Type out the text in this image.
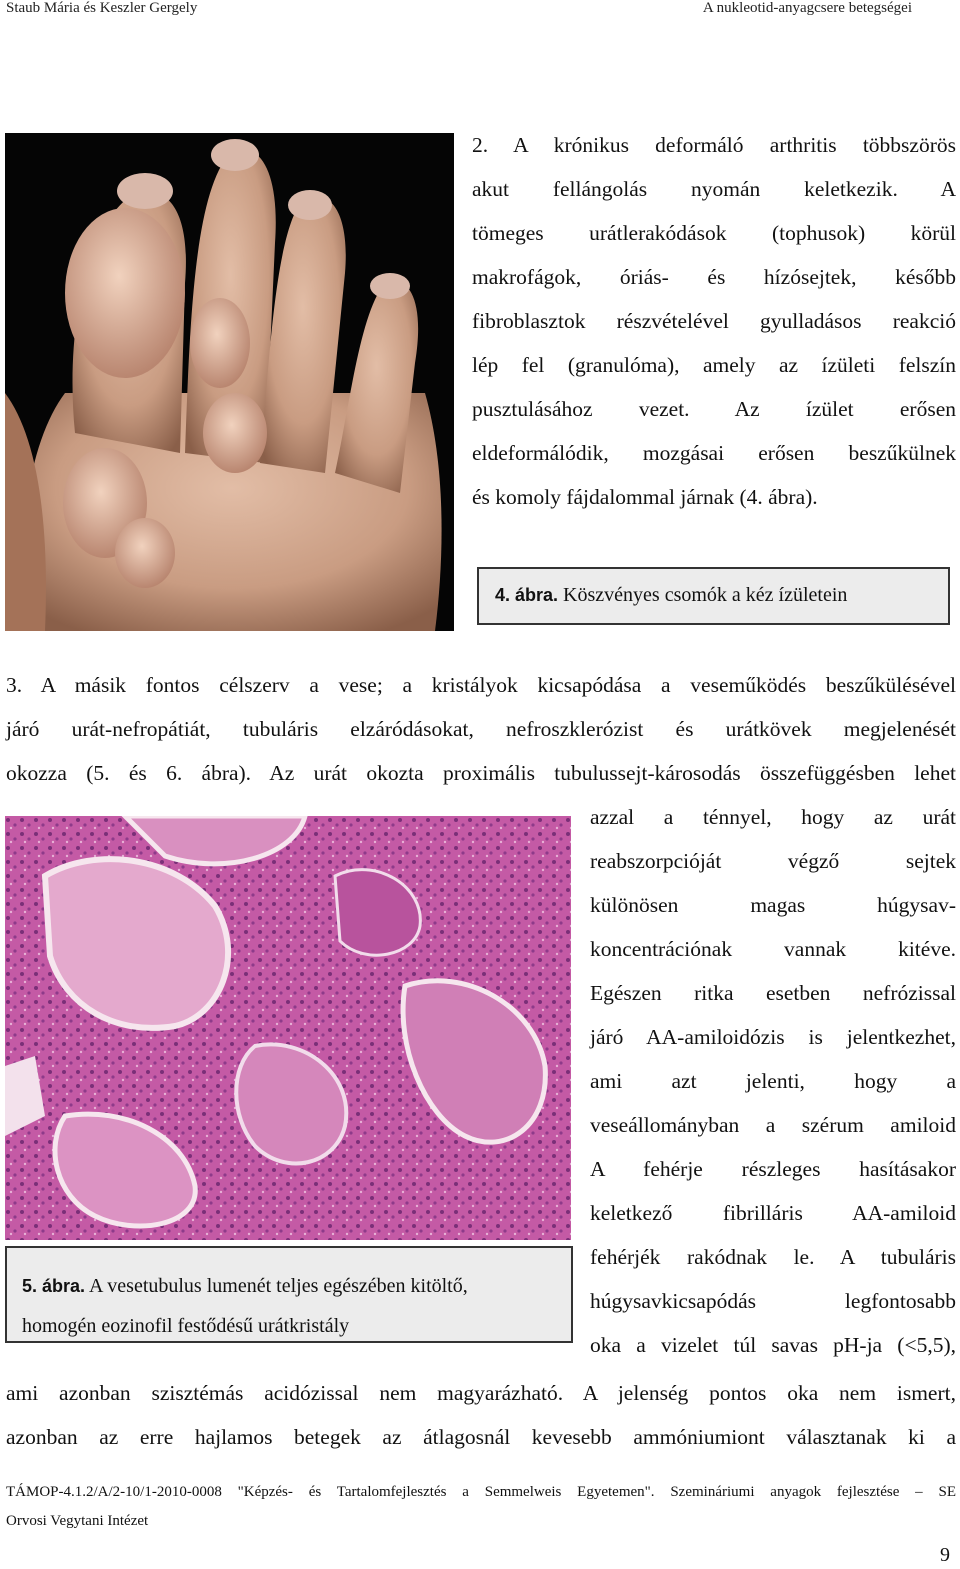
Staub Mária és Keszler Gergely	A nukleotid-anyagcsere betegségei
2. A krónikus deformáló arthritis többszörös
akut fellángolás nyomán keletkezik. A
tömeges urátlerakódások (tophusok) körül
makrofágok, óriás- és hízósejtek, később
fibroblasztok részvételével gyulladásos reakció
lép fel (granulóma), amely az ízületi felszín
pusztulásához vezet. Az ízület erősen
eldeformálódik, mozgásai erősen beszűkülnek
és komoly fájdalommal járnak (4. ábra).
4. ábra. Köszvényes csomók a kéz ízületein
3. A másik fontos célszerv a vese; a kristályok kicsapódása a veseműködés beszűkülésével
járó urát-nefropátiát, tubuláris elzáródásokat, nefroszklerózist és urátkövek megjelenését
okozza (5. és 6. ábra). Az urát okozta proximális tubulussejt-károsodás összefüggésben lehet
azzal a ténnyel, hogy az urát
reabszorpcióját végző sejtek
különösen magas húgysav-
koncentrációnak vannak kitéve.
Egészen ritka esetben nefrózissal
járó AA-amiloidózis is jelentkezhet,
ami azt jelenti, hogy a
veseállományban a szérum amiloid
A fehérje részleges hasításakor
keletkező fibrilláris AA-amiloid
fehérjék rakódnak le. A tubuláris
húgysavkicsapódás legfontosabb
oka a vizelet túl savas pH-ja (<5,5),
5. ábra. A vesetubulus lumenét teljes egészében kitöltő,
homogén eozinofil festődésű urátkristály
ami azonban szisztémás acidózissal nem magyarázható. A jelenség pontos oka nem ismert,
azonban az erre hajlamos betegek az átlagosnál kevesebb ammóniumiont választanak ki a
TÁMOP-4.1.2/A/2-10/1-2010-0008 "Képzés- és Tartalomfejlesztés a Semmelweis Egyetemen". Szemináriumi anyagok fejlesztése – SE
Orvosi Vegytani Intézet
9
